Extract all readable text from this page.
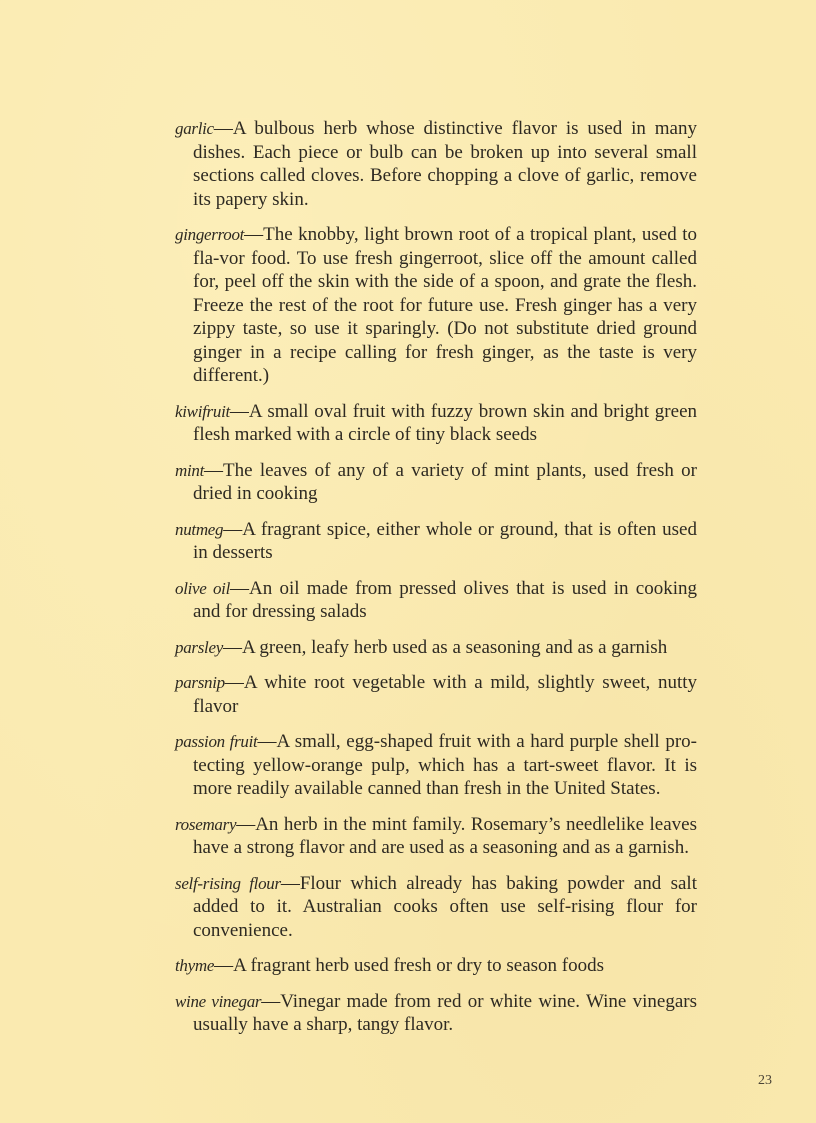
garlic—A bulbous herb whose distinctive flavor is used in many dishes. Each piece or bulb can be broken up into several small sections called cloves. Before chopping a clove of garlic, remove its papery skin.
gingerroot—The knobby, light brown root of a tropical plant, used to fla-vor food. To use fresh gingerroot, slice off the amount called for, peel off the skin with the side of a spoon, and grate the flesh. Freeze the rest of the root for future use. Fresh ginger has a very zippy taste, so use it sparingly. (Do not substitute dried ground ginger in a recipe calling for fresh ginger, as the taste is very different.)
kiwifruit—A small oval fruit with fuzzy brown skin and bright green flesh marked with a circle of tiny black seeds
mint—The leaves of any of a variety of mint plants, used fresh or dried in cooking
nutmeg—A fragrant spice, either whole or ground, that is often used in desserts
olive oil—An oil made from pressed olives that is used in cooking and for dressing salads
parsley—A green, leafy herb used as a seasoning and as a garnish
parsnip—A white root vegetable with a mild, slightly sweet, nutty flavor
passion fruit—A small, egg-shaped fruit with a hard purple shell pro-tecting yellow-orange pulp, which has a tart-sweet flavor. It is more readily available canned than fresh in the United States.
rosemary—An herb in the mint family. Rosemary’s needlelike leaves have a strong flavor and are used as a seasoning and as a garnish.
self-rising flour—Flour which already has baking powder and salt added to it. Australian cooks often use self-rising flour for convenience.
thyme—A fragrant herb used fresh or dry to season foods
wine vinegar—Vinegar made from red or white wine. Wine vinegars usually have a sharp, tangy flavor.
23
